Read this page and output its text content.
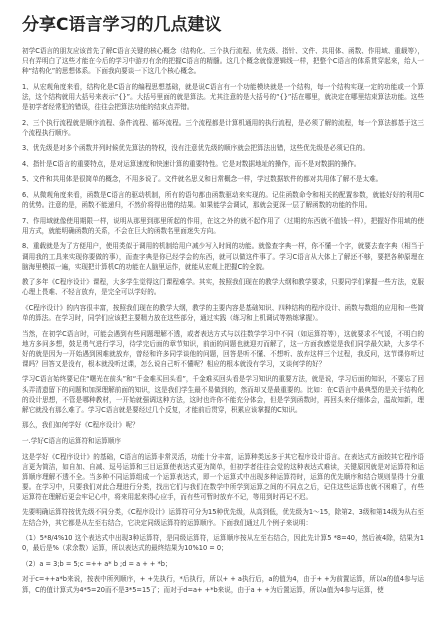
分享C语言学习的几点建议

初学C语言的朋友应该首先了解C语言关键的核心概念（结构化、三个执行流程、优先级、指针、文件、共用体、函数、作用域、重载等），只有弄明白了这些才能在今后的学习中游刃有余的把握C语言的精髓。这几个概念就像逻辑线一样，把整个C语言的体系贯穿起来，给人一种“结构化”的思想体系。下面我向要谈一下这几个核心概念。

1、从宏观角度来看，结构化是C语言的编程思想基础，就是说C语言有一个功能模块就是一个结构，每一个结构实现一定的功能或一个算法，这个结构就用大括号来表示“{}”。大括号里面的就是算法。尤其注意的是大括号的“{}”括在哪里，就决定在哪里结束算法功能。这些是初学者经常犯的错误，往往会把算法功能的结束点弄错。

2、三个执行流程就是顺序流程、条件流程、循环流程。三个流程都是计算机通用的执行流程，是必须了解的流程，每一个算法都基于这三个流程执行顺序。

3、优先级是对多个函数并列时候优先算法的特权，没有注意优先级的顺序就会把算法出错，这些优先级是必须记住的。

4、指针是C语言的重要特点，是对运算速度和快速计算的重要特性。它是对数据地址的操作，而不是对数据的操作。

5、文件和共用体是很简单的概念，不用多说了。文件就名思义和日常概念一样，学过数据软件的都对共用体了解不是太难。

6、从微观角度来看，函数是C语言的驱动机制，所有的语句都由函数驱动来实现的。记住函数命令和相关的配置参数，就能好好的利用C的优势。注意的是，函数不能递归，不然价将得出错的结果。如果能学会调试，那就会更深一层了解函数的功能的作用。

7、作用域就像使用期限一样，说明从那里到那里所起的作用，在这之外的就不起作用了（过期的东西就不值钱一样），把握好作用域的使用方式，就能明确函数的关系，不会在巨大的函数名里面迷失方向。

8、重载就是为了方便用户，使用类似于调用的机制给用户减少写入时间的功能。就像查字典一样，你不懂一个字，就要去查字典（相当于调用我的工具来实现你要做的事），而查字典是你已经学会的东西，就可以做这件事了。学习C语言从大体上了解还不够，要把各种原理在脑海里模拟一遍，实现把计算机C的功能在人脑里运作，就能从宏观上把握C的全貌。

教了多年《C程序设计》课程，大多学生觉得这门课程难学。其实，按照我们现在的教学大纲和教学要求，只要同学们掌握一些方法，克服心理上畏难、不轻言放弃，是完全可以学好的。

《C程序设计》的内容很丰富，按照我们现在的教学大纲，教学的主要内容是基础知识、四种结构的程序设计、函数与数组的应用和一些简单的算法。在学习时，同学们应该把主要精力放在这些部分，通过实践（练习和上机调试等熟练掌握）。

当然，在初学C语言时，可能会遇到有些问题理解不透，或者表达方式与以往数学学习中不同（如运算符等），这就要求不气馁，不明白的地方多问多想，鼓足勇气进行学习，待学完后面的章节知识，前面的问题也就迎刃而解了，这一方面我感觉是我们同学最欠缺，大多学不好的就是因为一开始遇到困难就放弃，曾经和许多同学谈他的问题，回答是听不懂、不想听、放弃这样三个过程，我反问，这节课你听过课吗？回答又是没有，根本就没听过课，怎么说自己听不懂呢？相应的根本就没有学习，又谈何学的好？

学习C语言始终要记住“曙光在前头”和“千金难买回头看”，千金难买回头看是学习知识的重要方法，就是说，学习后面的知识，不要忘了回头弄清遗留下的问题和加深理解前面的知识，这是我们学生最不易做到的，然而却又是最重要的。比如：在C语言中最典型的是关于结构化的设计思想，不管是哪种教材，一开始就强调这种方法，这时也许你不能充分体会，但是学到函数时，再回头来仔细体会，温故知新，理解它就没有那么难了。学习C语言就是要经过几个反复，才能前后贯穿，积累应该掌握的C知识。

那么，我们如何学好《C程序设计》呢？

一.学好C语言的运算符和运算顺序

这是学好《C程序设计》的基础，C语言的运算非常灵活，功能十分丰富，运算种类远多于其它程序设计语言。在表达式方面较其它程序语言更为简洁，如自加、自减、逗号运算和三目运算使表达式更为简单，但初学者往往会觉的这种表达式难读，关键原因就是对运算符和运算顺序理解不透不全。当多种不同运算组成一个运算表达式，即一个运算式中出现多种运算符时，运算的优先顺序和结合规则显得十分重要。在学习中，只要我们对此合理进行分类，找出它们与我们在数学中所学到运算之间的不同点之后，记住这些运算也就不困难了，有些运算符在理解后更会牢记心中，将来用起来得心应手，而有些可暂时放弃不记，等用到时再记不迟。

先要明确运算符按优先级不同分类，《C程序设计》运算符可分为15种优先级，从高到低，优先级为1～15，除第2、3级和第14级为从右至左结合外，其它都是从左至右结合，它决定同级运算符的运算顺序。下面我们通过几个例子来说明：

（1）5*8/4%10 这个表达式中出现3种运算符，是同级运算符，运算顺序按从左至右结合，因此先计算5 *8=40，然后被4除，结果为10，最后是%（求余数）运算，所以表达式的最终结果为10%10 = 0；

（2）a = 3;b = 5;c =++ a* b ;d = a + + *b；

对于c=++a*b来说，按表中所列顺序，+ +先执行，*后执行，所以+ + a执行后，a的值为4，由于+ +为前置运算，所以a的值4参与运算，C的值计算式为4*5=20而不是3*5=15了；而对于d=a+ +*b来说，由于a + +为后置运算，所以a值为4参与运算，使
